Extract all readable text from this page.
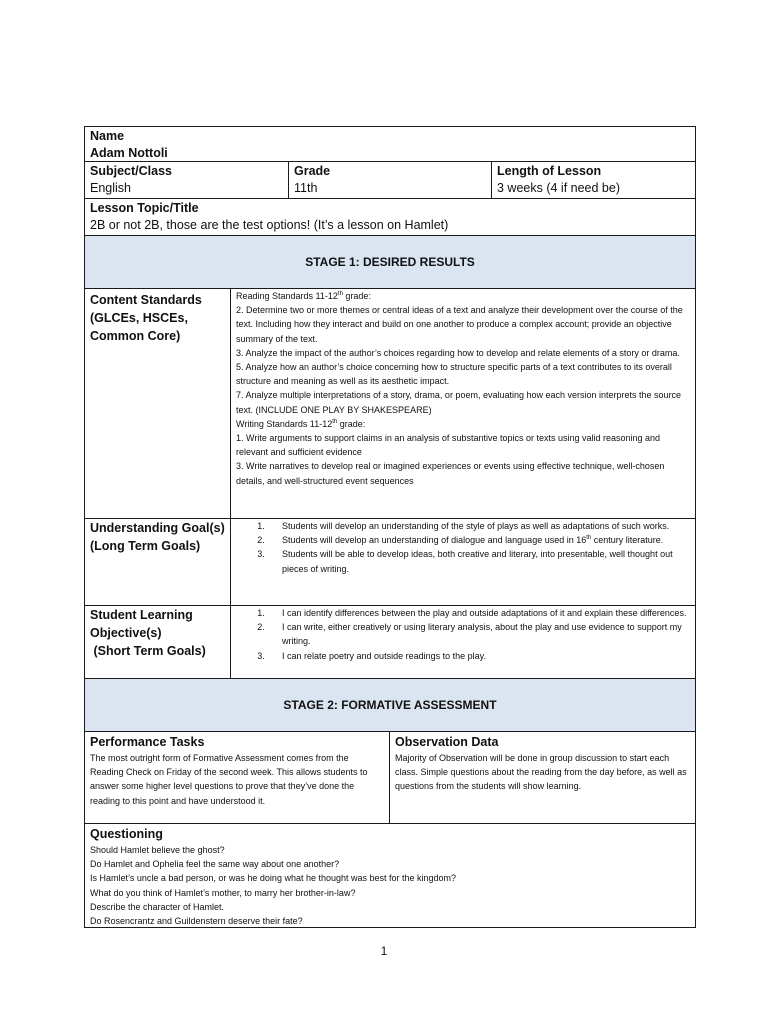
Name
Adam Nottoli
Subject/Class
English
Grade
11th
Length of Lesson
3 weeks (4 if need be)
Lesson Topic/Title
2B or not 2B, those are the test options! (It’s a lesson on Hamlet)
STAGE 1: DESIRED RESULTS
Content Standards (GLCEs, HSCEs, Common Core)

Reading Standards 11-12th grade:

2. Determine two or more themes or central ideas of a text and analyze their development over the course of the text. Including how they interact and build on one another to produce a complex account; provide an objective summary of the text.

3. Analyze the impact of the author’s choices regarding how to develop and relate elements of a story or drama.

5. Analyze how an author’s choice concerning how to structure specific parts of a text contributes to its overall structure and meaning as well as its aesthetic impact.

7. Analyze multiple interpretations of a story, drama, or poem, evaluating how each version interprets the source text. (INCLUDE ONE PLAY BY SHAKESPEARE)

Writing Standards 11-12th grade:

1. Write arguments to support claims in an analysis of substantive topics or texts using valid reasoning and relevant and sufficient evidence

3. Write narratives to develop real or imagined experiences or events using effective technique, well-chosen details, and well-structured event sequences

Understanding Goal(s) (Long Term Goals)
1.	Students will develop an understanding of the style of plays as well as adaptations of such works.
2.	Students will develop an understanding of dialogue and language used in 16th century literature.
3.	Students will be able to develop ideas, both creative and literary, into presentable, well thought out pieces of writing.
Student Learning Objective(s)
(Short Term Goals)
1.	I can identify differences between the play and outside adaptations of it and explain these differences.
2.	I can write, either creatively or using literary analysis, about the play and use evidence to support my writing.
3.	I can relate poetry and outside readings to the play.
STAGE 2: FORMATIVE ASSESSMENT
Performance Tasks
The most outright form of Formative Assessment comes from the Reading Check on Friday of the second week. This allows students to answer some higher level questions to prove that they’ve done the reading to this point and have understood it.
Observation Data
Majority of Observation will be done in group discussion to start each class. Simple questions about the reading from the day before, as well as questions from the students will show learning.
Questioning

Should Hamlet believe the ghost?

Do Hamlet and Ophelia feel the same way about one another?

Is Hamlet’s uncle a bad person, or was he doing what he thought was best for the kingdom?

What do you think of Hamlet’s mother, to marry her brother-in-law?

Describe the character of Hamlet.

Do Rosencrantz and Guildenstern deserve their fate?

1
